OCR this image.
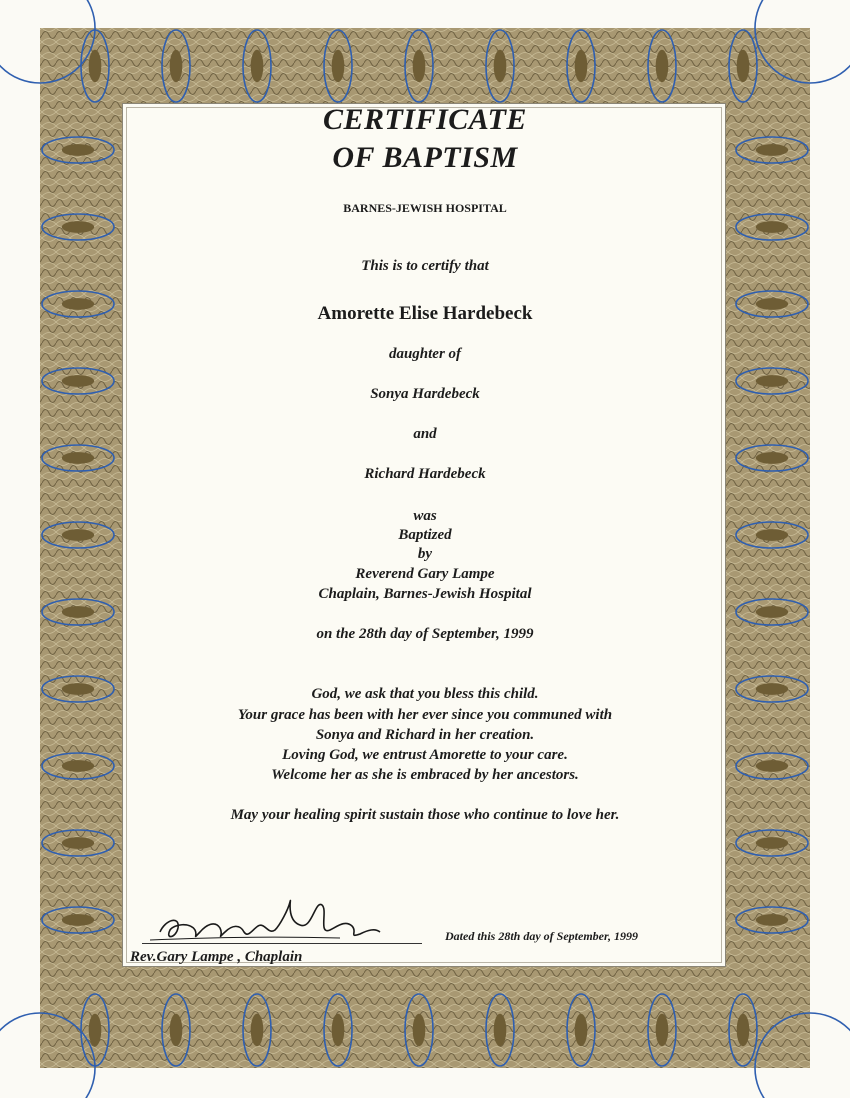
CERTIFICATE
OF BAPTISM
BARNES-JEWISH HOSPITAL
This is to certify that
Amorette Elise Hardebeck
daughter of
Sonya Hardebeck
and
Richard Hardebeck
was
Baptized
by
Reverend Gary Lampe
Chaplain, Barnes-Jewish Hospital
on the 28th day of September, 1999
God, we ask that you bless this child.
Your grace has been with her ever since you communed with
Sonya and Richard in her creation.
Loving God, we entrust Amorette to your care.
Welcome her as she is embraced by her ancestors.
May your healing spirit sustain those who continue to love her.
Rev.Gary Lampe , Chaplain
Dated this 28th day of September, 1999
